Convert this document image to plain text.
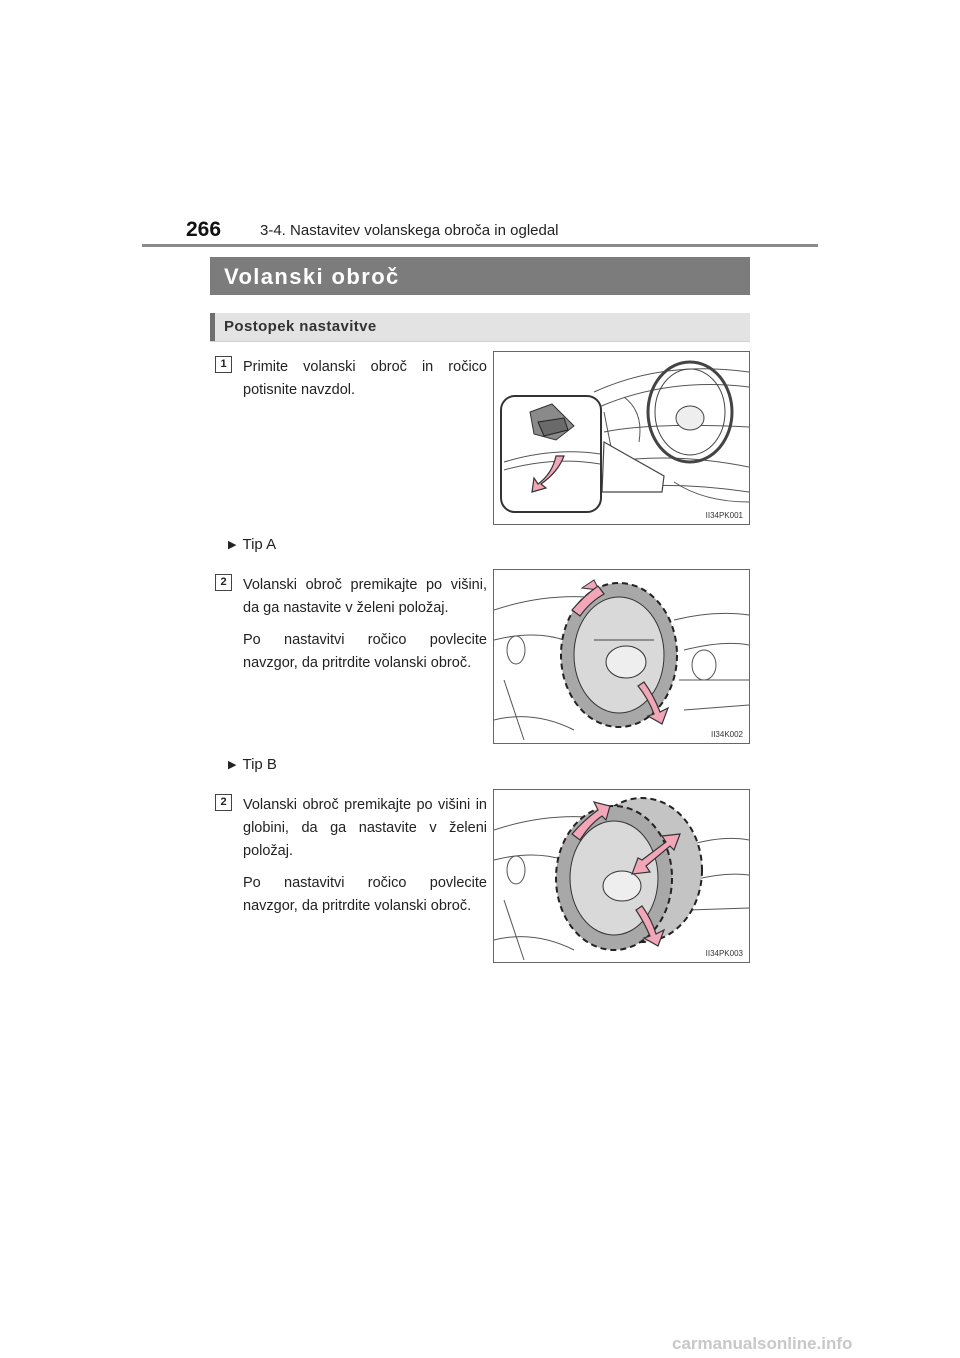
266	3-4. Nastavitev volanskega obroča in ogledal
Volanski obroč
Postopek nastavitve
1	Primite volanski obroč in ročico potisnite navzdol.

II34PK001
▶ Tip A
2	Volanski obroč premikajte po višini, da ga nastavite v želeni položaj.

Po nastavitvi ročico povlecite navzgor, da pritrdite volanski obroč.

II34K002
▶ Tip B
2	Volanski obroč premikajte po višini in globini, da ga nastavite v želeni položaj.

Po nastavitvi ročico povlecite navzgor, da pritrdite volanski obroč.

II34PK003
carmanualsonline.info
